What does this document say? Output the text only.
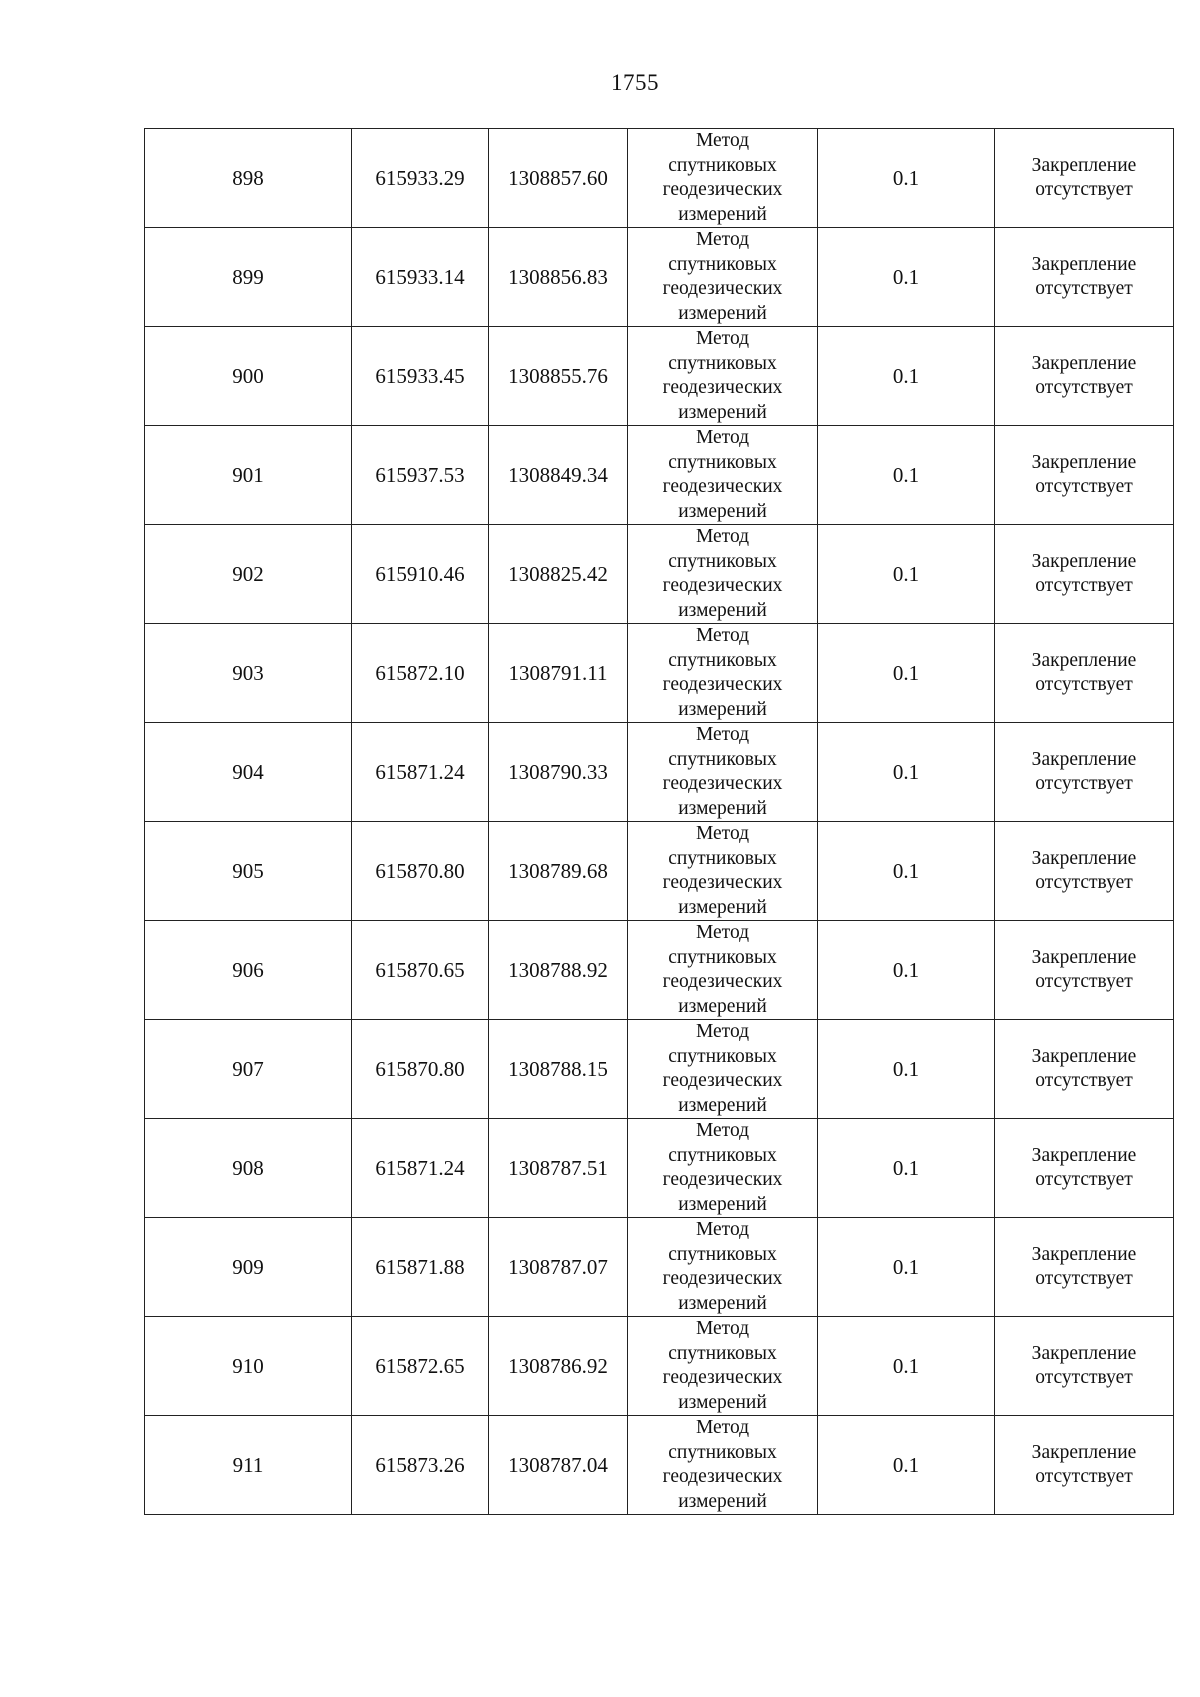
1755
898	615933.29	1308857.60	Метод
спутниковых
геодезических
измерений	0.1	Закрепление
отсутствует

899	615933.14	1308856.83	Метод
спутниковых
геодезических
измерений	0.1	Закрепление
отсутствует

900	615933.45	1308855.76	Метод
спутниковых
геодезических
измерений	0.1	Закрепление
отсутствует

901	615937.53	1308849.34	Метод
спутниковых
геодезических
измерений	0.1	Закрепление
отсутствует

902	615910.46	1308825.42	Метод
спутниковых
геодезических
измерений	0.1	Закрепление
отсутствует

903	615872.10	1308791.11	Метод
спутниковых
геодезических
измерений	0.1	Закрепление
отсутствует

904	615871.24	1308790.33	Метод
спутниковых
геодезических
измерений	0.1	Закрепление
отсутствует

905	615870.80	1308789.68	Метод
спутниковых
геодезических
измерений	0.1	Закрепление
отсутствует

906	615870.65	1308788.92	Метод
спутниковых
геодезических
измерений	0.1	Закрепление
отсутствует

907	615870.80	1308788.15	Метод
спутниковых
геодезических
измерений	0.1	Закрепление
отсутствует

908	615871.24	1308787.51	Метод
спутниковых
геодезических
измерений	0.1	Закрепление
отсутствует

909	615871.88	1308787.07	Метод
спутниковых
геодезических
измерений	0.1	Закрепление
отсутствует

910	615872.65	1308786.92	Метод
спутниковых
геодезических
измерений	0.1	Закрепление
отсутствует

911	615873.26	1308787.04	Метод
спутниковых
геодезических
измерений	0.1	Закрепление
отсутствует
